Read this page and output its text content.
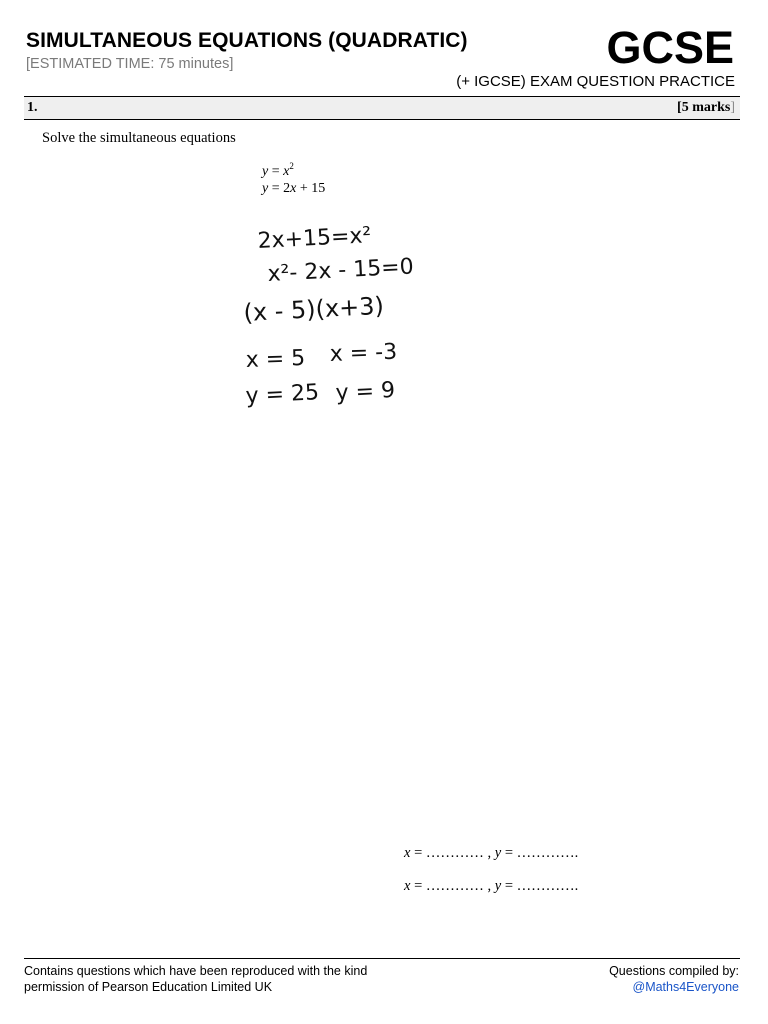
SIMULTANEOUS EQUATIONS (QUADRATIC)
[ESTIMATED TIME: 75 minutes]	GCSE
(+ IGCSE) EXAM QUESTION PRACTICE
1.	[5 marks]
Solve the simultaneous equations
$y = x^2$
y = 2x + 15
2x+15=x²
x²- 2x - 15=0
(x - 5)(x+3)
x = 5 x = -3
y = 25 y = 9
x = ………… , y = ………….
x = ………… , y = ………….
Contains questions which have been reproduced with the kind
permission of Pearson Education Limited UK
Questions compiled by:
@Maths4Everyone
